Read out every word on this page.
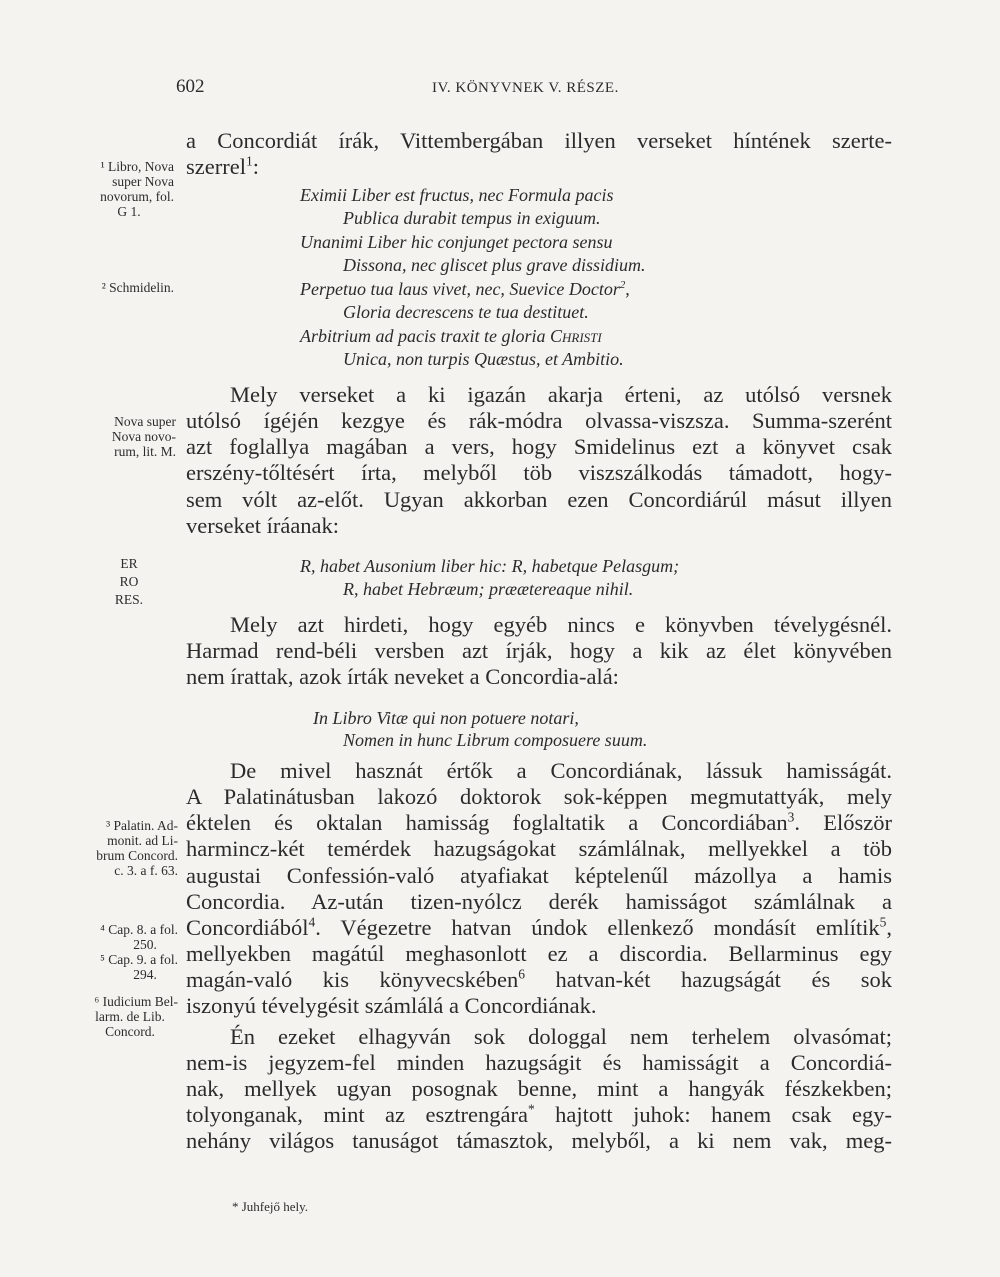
602	IV. KÖNYVNEK V. RÉSZE.
a Concordiát írák, Vittembergában illyen verseket híntének szerte-
szerrel$^1$:
Eximii Liber est fructus, nec Formula pacis
Publica durabit tempus in exiguum.
Unanimi Liber hic conjunget pectora sensu
Dissona, nec gliscet plus grave dissidium.
Perpetuo tua laus vivet, nec, Suevice Doctor$^2$,
Gloria decrescens te tua destituet.
Arbitrium ad pacis traxit te gloria Christi
Unica, non turpis Quæstus, et Ambitio.
Mely verseket a ki igazán akarja érteni, az utólsó versnek
utólsó ígéjén kezgye és rák-módra olvassa-viszsza. Summa-szerént
azt foglallya magában a vers, hogy Smidelinus ezt a könyvet csak
erszény-tőltésért írta, melyből töb viszszálkodás támadott, hogy-
sem vólt az-előt. Ugyan akkorban ezen Concordiárúl másut illyen
verseket íráanak:
R, habet Ausonium liber hic: R, habetque Pelasgum;
R, habet Hebræum; præætereaque nihil.
Mely azt hirdeti, hogy egyéb nincs e könyvben tévelygésnél.
Harmad rend-béli versben azt írják, hogy a kik az élet könyvében
nem írattak, azok írták neveket a Concordia-alá:
In Libro Vitæ qui non potuere notari,
Nomen in hunc Librum composuere suum.
De mivel hasznát értők a Concordiának, lássuk hamisságát.
A Palatinátusban lakozó doktorok sok-képpen megmutattyák, mely
éktelen és oktalan hamisság foglaltatik a Concordiában$^3$. Először
harmincz-két temérdek hazugságokat számlálnak, mellyekkel a töb
augustai Confessión-való atyafiakat képtelenűl mázollya a hamis
Concordia. Az-után tizen-nyólcz derék hamisságot számlálnak a
Concordiából$^4$. Végezetre hatvan úndok ellenkező mondásít említik$^5$,
mellyekben magátúl meghasonlott ez a discordia. Bellarminus egy
magán-való kis könyvecskében$^6$ hatvan-két hazugságát és sok
iszonyú tévelygésit számlálá a Concordiának.
Én ezeket elhagyván sok dologgal nem terhelem olvasómat;
nem-is jegyzem-fel minden hazugságit és hamisságit a Concordiá-
nak, mellyek ugyan posognak benne, mint a hangyák fészkekben;
tolyonganak, mint az esztrengára* hajtott juhok: hanem csak egy-
nehány világos tanuságot támasztok, melyből, a ki nem vak, meg-
* Juhfejő hely.
¹ Libro, Nova
super Nova
novorum, fol.
G 1.
² Schmidelin.
Nova super
Nova novo-
rum, lit. M.
ER
RO
RES.
³ Palatin. Ad-
monit. ad Li-
brum Concord.
c. 3. a f. 63.
⁴ Cap. 8. a fol.
250.
⁵ Cap. 9. a fol.
294.
⁶ Iudicium Bel-
larm. de Lib.
Concord.
